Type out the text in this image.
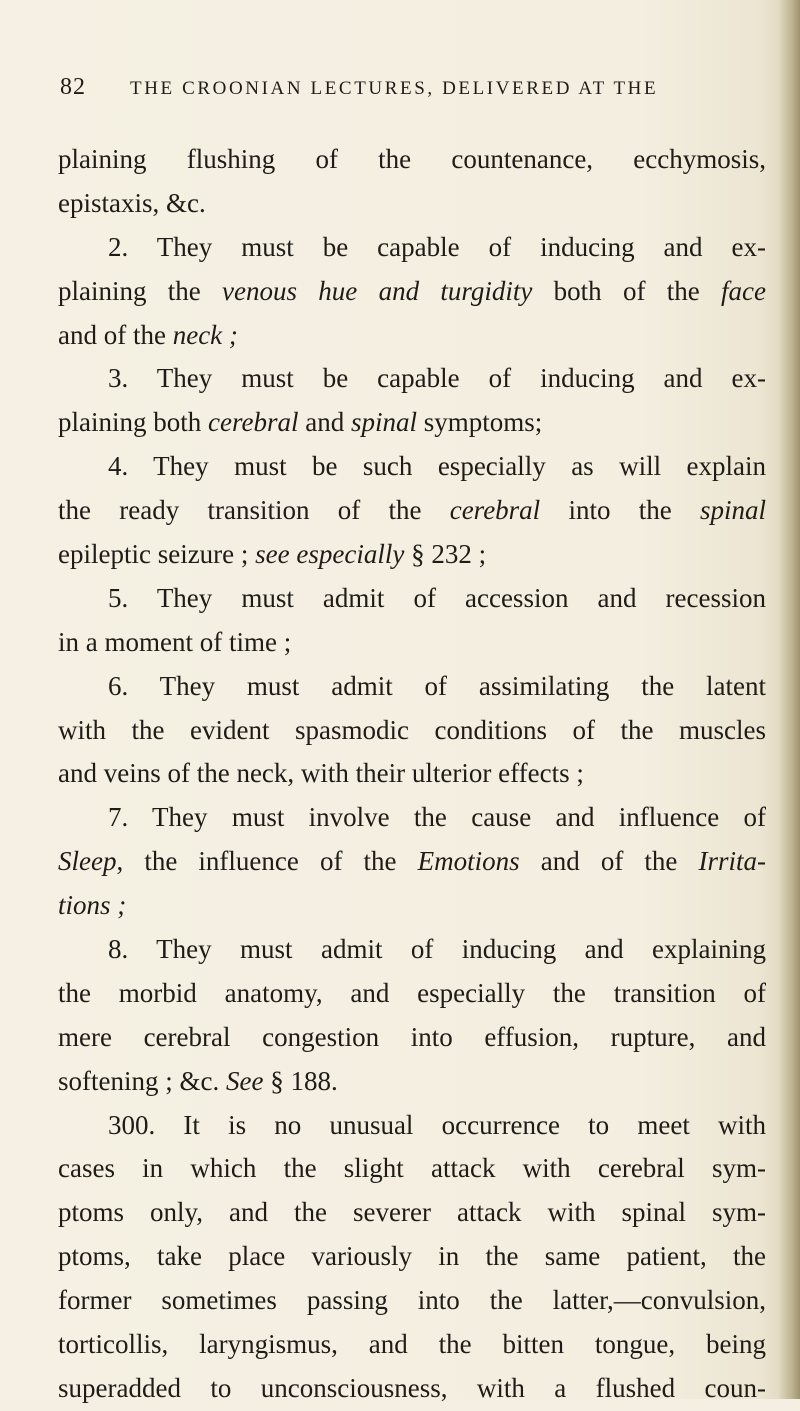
82 THE CROONIAN LECTURES, DELIVERED AT THE
plaining flushing of the countenance, ecchymosis,
epistaxis, &c.
2. They must be capable of inducing and ex-
plaining the venous hue and turgidity both of the face
and of the neck ;
3. They must be capable of inducing and ex-
plaining both cerebral and spinal symptoms;
4. They must be such especially as will explain
the ready transition of the cerebral into the spinal
epileptic seizure ; see especially § 232 ;
5. They must admit of accession and recession
in a moment of time ;
6. They must admit of assimilating the latent
with the evident spasmodic conditions of the muscles
and veins of the neck, with their ulterior effects ;
7. They must involve the cause and influence of
Sleep, the influence of the Emotions and of the Irrita-
tions ;
8. They must admit of inducing and explaining
the morbid anatomy, and especially the transition of
mere cerebral congestion into effusion, rupture, and
softening ; &c. See § 188.
300. It is no unusual occurrence to meet with
cases in which the slight attack with cerebral sym-
ptoms only, and the severer attack with spinal sym-
ptoms, take place variously in the same patient, the
former sometimes passing into the latter,—convulsion,
torticollis, laryngismus, and the bitten tongue, being
superadded to unconsciousness, with a flushed coun-
